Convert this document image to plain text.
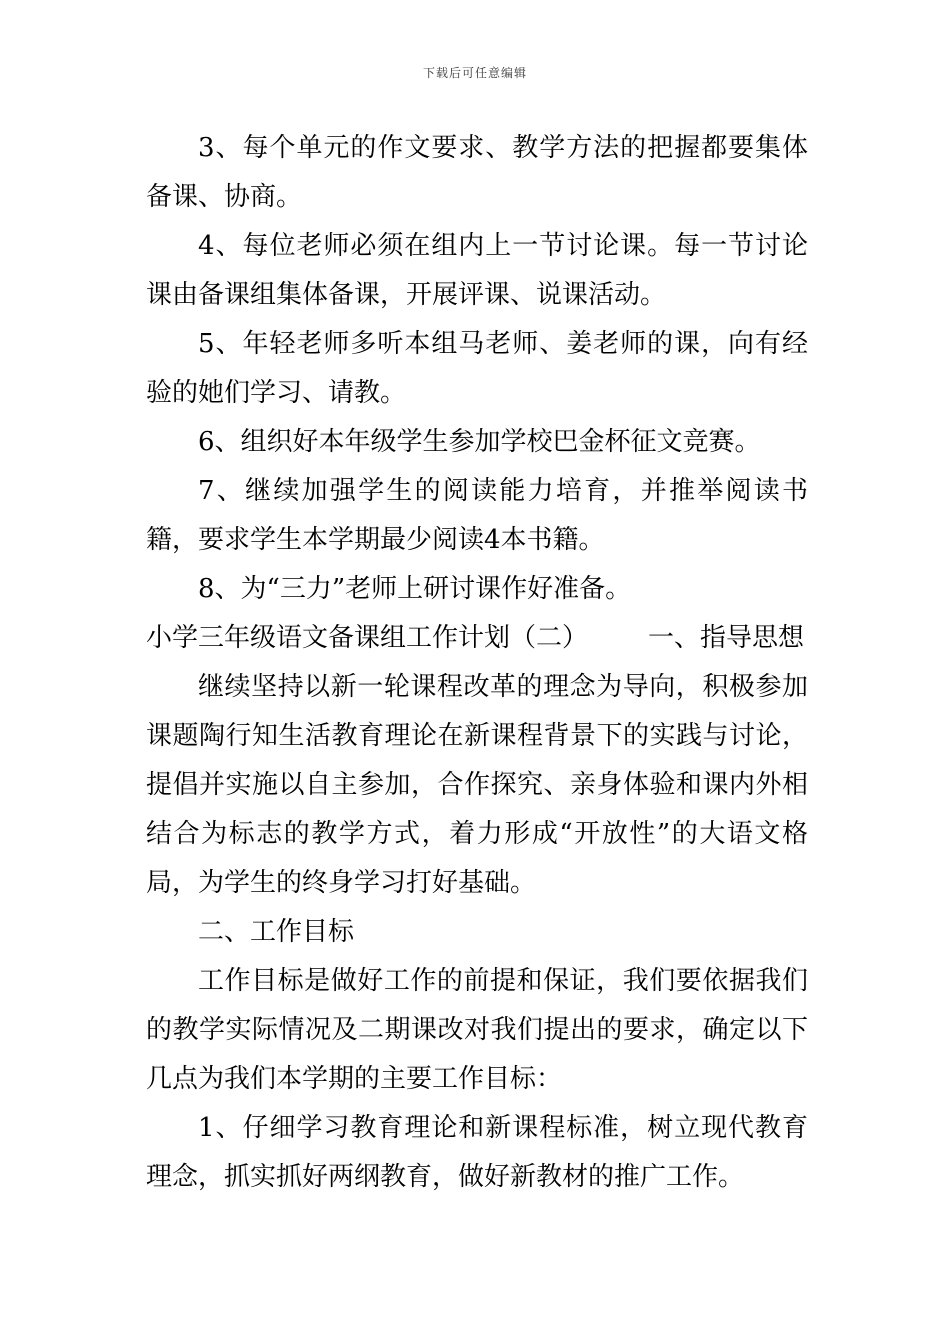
下载后可任意编辑

3、每个单元的作文要求、教学方法的把握都要集体备课、协商。

4、每位老师必须在组内上一节讨论课。每一节讨论课由备课组集体备课，开展评课、说课活动。

5、年轻老师多听本组马老师、姜老师的课，向有经验的她们学习、请教。

6、组织好本年级学生参加学校巴金杯征文竞赛。

7、继续加强学生的阅读能力培育，并推举阅读书籍，要求学生本学期最少阅读4本书籍。

8、为“三力”老师上研讨课作好准备。

小学三年级语文备课组工作计划（二） 一、指导思想

继续坚持以新一轮课程改革的理念为导向，积极参加课题陶行知生活教育理论在新课程背景下的实践与讨论，提倡并实施以自主参加，合作探究、亲身体验和课内外相结合为标志的教学方式，着力形成“开放性”的大语文格局，为学生的终身学习打好基础。

二、工作目标

工作目标是做好工作的前提和保证，我们要依据我们的教学实际情况及二期课改对我们提出的要求，确定以下几点为我们本学期的主要工作目标：

1、仔细学习教育理论和新课程标准，树立现代教育理念，抓实抓好两纲教育，做好新教材的推广工作。
